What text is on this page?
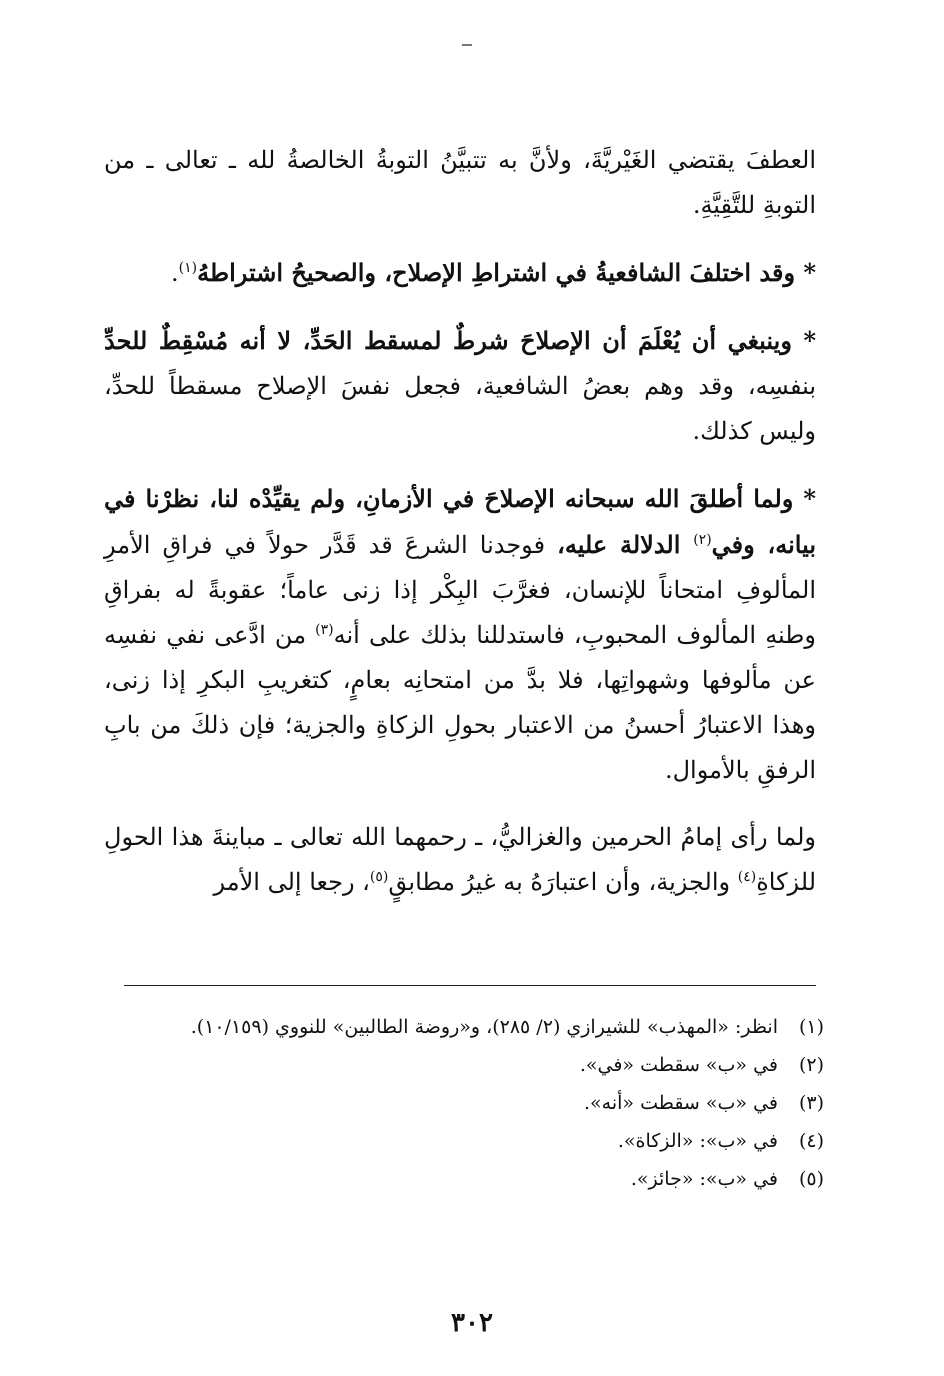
العطفَ يقتضي الغَيْريَّةَ، ولأنَّ به تتبيَّنُ التوبةُ الخالصةُ لله ـ تعالى ـ من التوبةِ للتَّقِيَّةِ.

* وقد اختلفَ الشافعيةُ في اشتراطِ الإصلاح، والصحيحُ اشتراطهُ$^{(١)}$.

* وينبغي أن يُعْلَمَ أن الإصلاحَ شرطٌ لمسقط الحَدِّ، لا أنه مُسْقِطٌ للحدِّ بنفسِه، وقد وهم بعضُ الشافعية، فجعل نفسَ الإصلاح مسقطاً للحدِّ، وليس كذلك.

* ولما أطلقَ الله سبحانه الإصلاحَ في الأزمانِ، ولم يقيِّدْه لنا، نظرْنا في بيانه، وفي$^{(٢)}$ الدلالة عليه، فوجدنا الشرعَ قد قَدَّر حولاً في فراقِ الأمرِ المألوفِ امتحاناً للإنسان، فغرَّبَ البِكْر إذا زنى عاماً؛ عقوبةً له بفراقِ وطنهِ المألوف المحبوبِ، فاستدللنا بذلك على أنه$^{(٣)}$ من ادَّعى نفي نفسِه عن مألوفها وشهواتِها، فلا بدَّ من امتحانِه بعامٍ، كتغريبِ البكرِ إذا زنى، وهذا الاعتبارُ أحسنُ من الاعتبار بحولِ الزكاةِ والجزية؛ فإن ذلكَ من بابِ الرفقِ بالأموال.

ولما رأى إمامُ الحرمين والغزاليُّ، ـ رحمهما الله تعالى ـ مباينةَ هذا الحولِ للزكاةِ$^{(٤)}$ والجزية، وأن اعتبارَهُ به غيرُ مطابقٍ$^{(٥)}$، رجعا إلى الأمر

(١)
انظر: «المهذب» للشيرازي (٢/ ٢٨٥)، و«روضة الطالبين» للنووي (١٠/١٥٩).
(٢)
في «ب» سقطت «في».
(٣)
في «ب» سقطت «أنه».
(٤)
في «ب»: «الزكاة».
(٥)
في «ب»: «جائز».
٣٠٢
